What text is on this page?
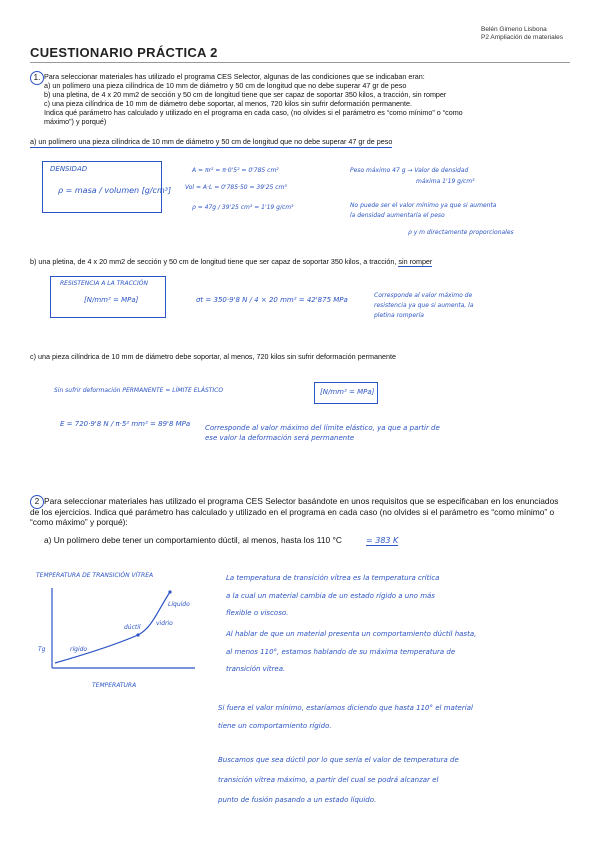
Belén Gimeno Lisbona
P2 Ampliación de materiales
CUESTIONARIO PRÁCTICA 2
1. Para seleccionar materiales has utilizado el programa CES Selector, algunas de las condiciones que se indicaban eran:
a) un polímero una pieza cilíndrica de 10 mm de diámetro y 50 cm de longitud que no debe superar 47 gr de peso
b) una pletina, de 4 x 20 mm2 de sección y 50 cm de longitud tiene que ser capaz de soportar 350 kilos, a tracción, sin romper
c) una pieza cilíndrica de 10 mm de diámetro debe soportar, al menos, 720 kilos sin sufrir deformación permanente.
Indica qué parámetro has calculado y utilizado en el programa en cada caso, (no olvides si el parámetro es “como mínimo” o “como
máximo”) y porqué)
a) un polímero una pieza cilíndrica de 10 mm de diámetro y 50 cm de longitud que no debe superar 47 gr de peso
DENSIDAD
ρ = masa / volumen [g/cm³]
A = πr² = π·0'5² = 0'785 cm²
Vol = A·L = 0'785·50 = 39'25 cm³
ρ = 47g / 39'25 cm³ = 1'19 g/cm³
Peso máximo 47 g → Valor de densidad
máxima 1'19 g/cm³
No puede ser el valor mínimo ya que si aumenta
la densidad aumentaría el peso
ρ y m directamente proporcionales
b) una pletina, de 4 x 20 mm2 de sección y 50 cm de longitud tiene que ser capaz de soportar 350 kilos, a tracción, sin romper
RESISTENCIA A LA TRACCIÓN
[N/mm² = MPa]	σt = 350·9'8 N / 4 × 20 mm² = 42'875 MPa
Corresponde al valor máximo de
resistencia ya que si aumenta, la
pletina rompería
c) una pieza cilíndrica de 10 mm de diámetro debe soportar, al menos, 720 kilos sin sufrir deformación permanente
Sin sufrir deformación PERMANENTE = LÍMITE ELÁSTICO	[N/mm² = MPa]
E = 720·9'8 N / π·5² mm² = 89'8 MPa Corresponde al valor máximo del límite elástico, ya que a partir de
ese valor la deformación será permanente
2 Para seleccionar materiales has utilizado el programa CES Selector basándote en unos requisitos que se especificaban en los enunciados de los ejercicios. Indica qué parámetro has calculado y utilizado en el programa en cada caso (no olvides si el parámetro es “como mínimo” o “como máximo” y porqué):
a) Un polímero debe tener un comportamiento dúctil, al menos, hasta los 110 °C	= 383 K
TEMPERATURA DE TRANSICIÓN VÍTREA
Tg	rígido
dúctil
Líquido
vidrio
TEMPERATURA
La temperatura de transición vítrea es la temperatura crítica
a la cual un material cambia de un estado rígido a uno más
flexible o viscoso.
Al hablar de que un material presenta un comportamiento dúctil hasta,
al menos 110°, estamos hablando de su máxima temperatura de
transición vítrea.
Si fuera el valor mínimo, estaríamos diciendo que hasta 110° el material
tiene un comportamiento rígido.
Buscamos que sea dúctil por lo que sería el valor de temperatura de
transición vítrea máximo, a partir del cual se podrá alcanzar el
punto de fusión pasando a un estado líquido.
